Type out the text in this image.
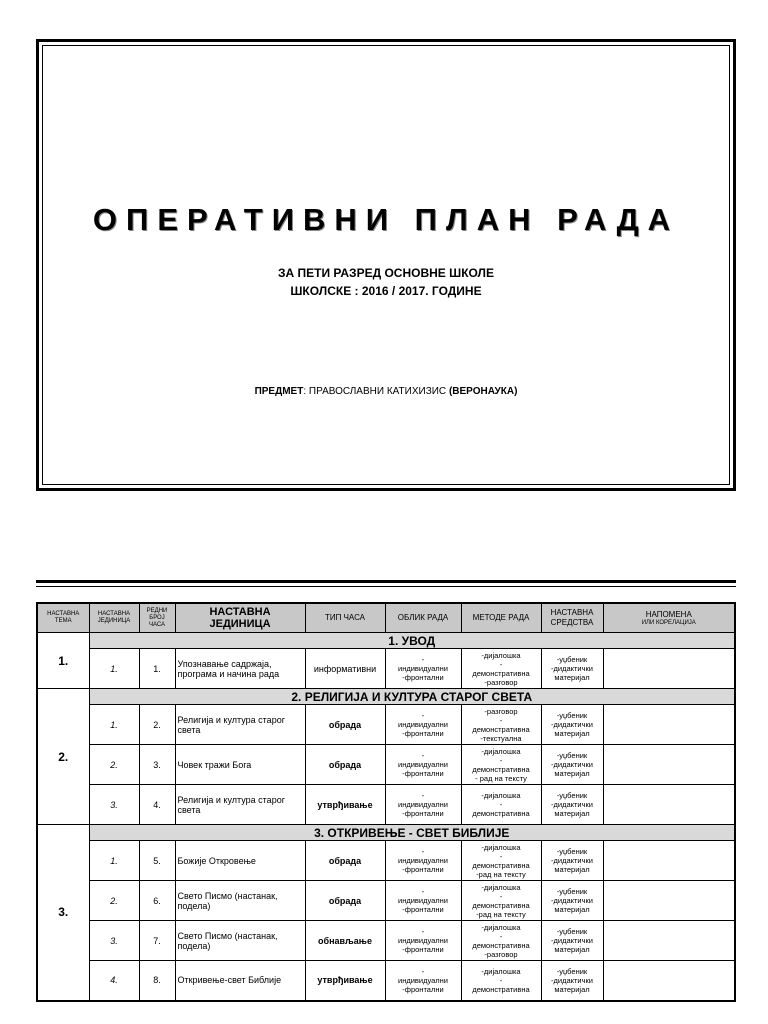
ОПЕРАТИВНИ ПЛАН РАДА
ЗА ПЕТИ РАЗРЕД ОСНОВНЕ ШКОЛЕ
ШКОЛСКЕ : 2016 / 2017. ГОДИНЕ
ПРЕДМЕТ: ПРАВОСЛАВНИ КАТИХИЗИС (ВЕРОНАУКА)
НАСТАВНА ТЕМА	НАСТАВНА ЈЕДИНИЦА	РЕДНИ БРОЈ ЧАСА	НАСТАВНА ЈЕДИНИЦА	ТИП ЧАСА	ОБЛИК РАДА	МЕТОДЕ РАДА	НАСТАВНА СРЕДСТВА	НАПОМЕНА
ИЛИ КОРЕЛАЦИЈА

1.	1. УВОД							
	1.	1.	Упознавање садржаја, програма и начина рада	информативни	-
индивидуални
-фронтални	-дијалошка
-
демонстративна
-разговор	-уџбеник
-дидактички
материјал	
2.	2. РЕЛИГИЈА И КУЛТУРА СТАРОГ СВЕТА							
	1.	2.	Религија и култура старог света	обрада	-
индивидуални
-фронтални	-разговор
-
демонстративна
-текстуална	-уџбеник
-дидактички
материјал	
	2.	3.	Човек тражи Бога	обрада	-
индивидуални
-фронтални	-дијалошка
-
демонстративна
- рад на тексту	-уџбеник
-дидактички
материјал	
	3.	4.	Религија и култура старог света	утврђивање	-
индивидуални
-фронтални	-дијалошка
-
демонстративна	-уџбеник
-дидактички
материјал	
3.	3. ОТКРИВЕЊЕ - СВЕТ БИБЛИЈЕ							
	1.	5.	Божије Откровење	обрада	-
индивидуални
-фронтални	-дијалошка
-
демонстративна
-рад на тексту	-уџбеник
-дидактички
материјал	
	2.	6.	Свето Писмо (настанак, подела)	обрада	-
индивидуални
-фронтални	-дијалошка
-
демонстративна
-рад на тексту	-уџбеник
-дидактички
материјал	
	3.	7.	Свето Писмо (настанак, подела)	обнављање	-
индивидуални
-фронтални	-дијалошка
-
демонстративна
-разговор	-уџбеник
-дидактички
материјал	
	4.	8.	Откривење-свет Библије	утврђивање	-
индивидуални
-фронтални	-дијалошка
-
демонстративна	-уџбеник
-дидактички
материјал	
